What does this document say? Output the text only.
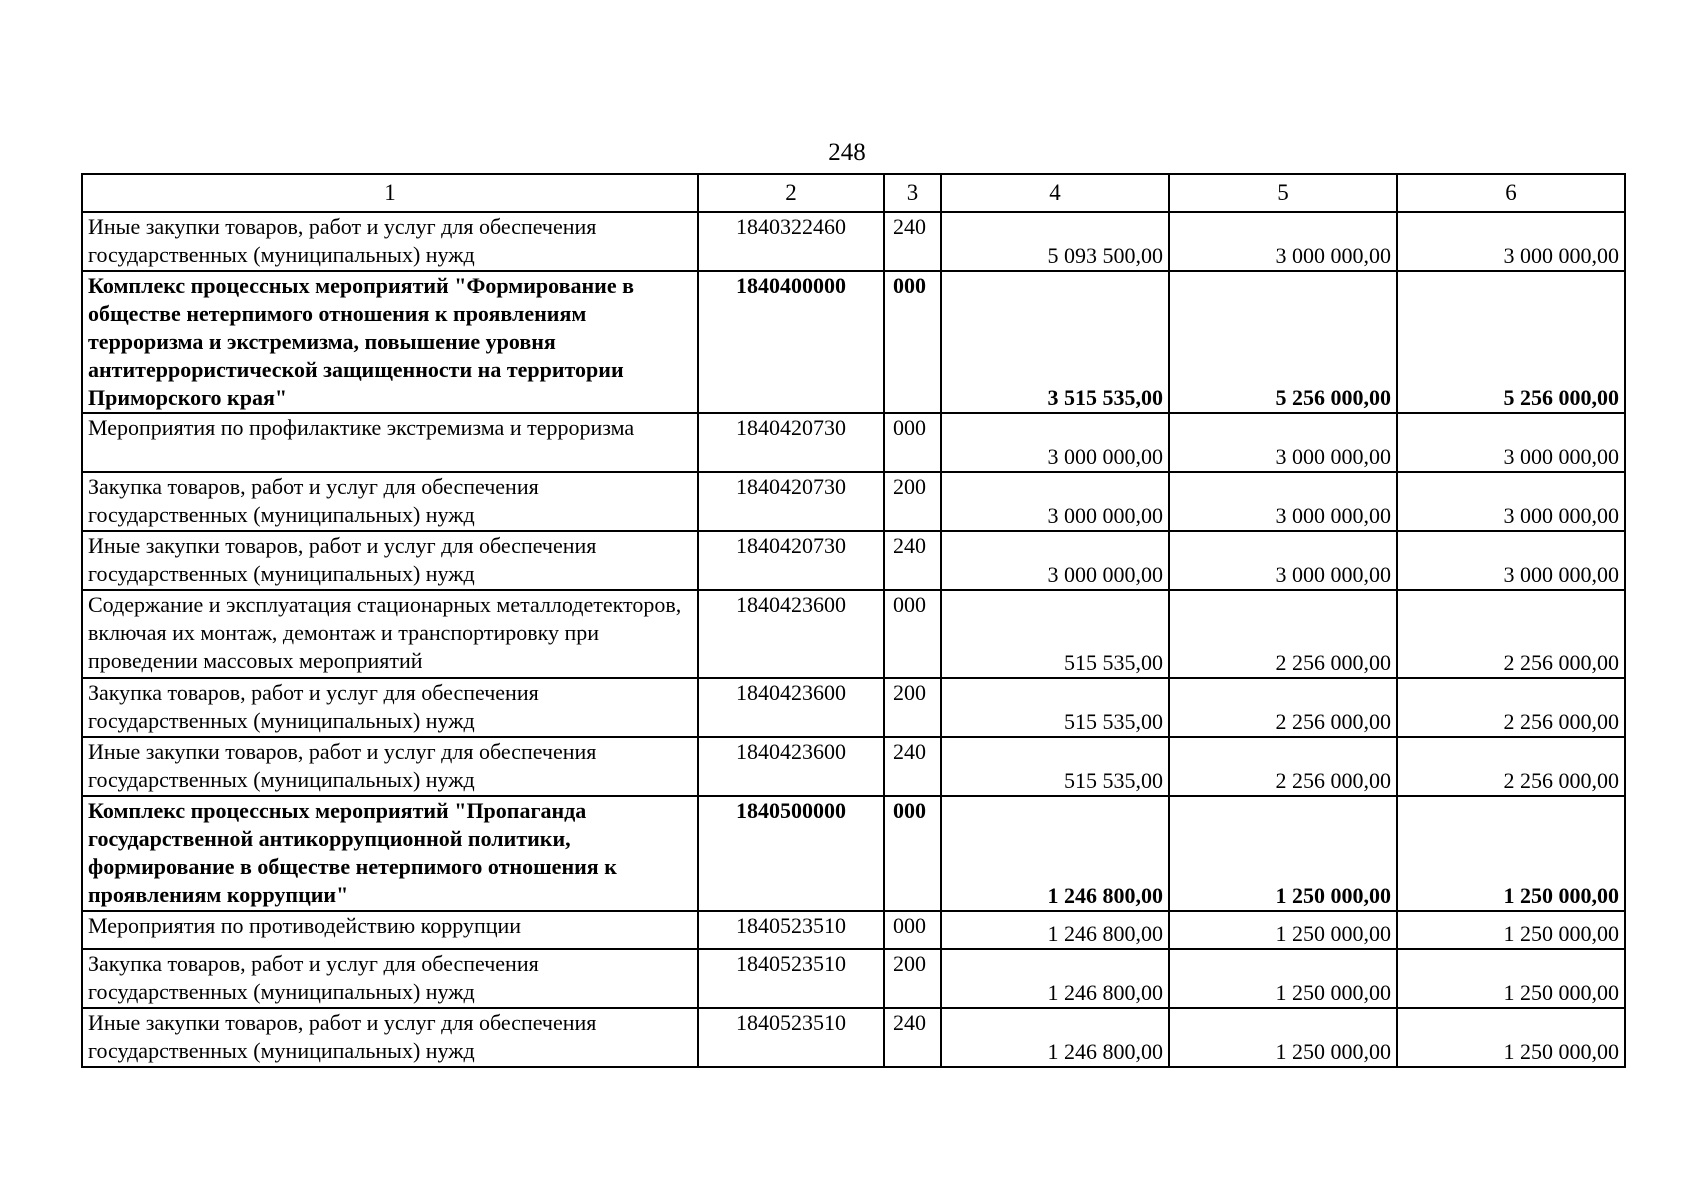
248
1	2	3	4	5	6
Иные закупки товаров, работ и услуг для обеспечения государственных (муниципальных) нужд	1840322460	240	5 093 500,00	3 000 000,00	3 000 000,00
Комплекс процессных мероприятий "Формирование в обществе нетерпимого отношения к проявлениям терроризма и экстремизма, повышение уровня антитеррористической защищенности на территории Приморского края"	1840400000	000	3 515 535,00	5 256 000,00	5 256 000,00
Мероприятия по профилактике экстремизма и терроризма	1840420730	000	3 000 000,00	3 000 000,00	3 000 000,00
Закупка товаров, работ и услуг для обеспечения государственных (муниципальных) нужд	1840420730	200	3 000 000,00	3 000 000,00	3 000 000,00
Иные закупки товаров, работ и услуг для обеспечения государственных (муниципальных) нужд	1840420730	240	3 000 000,00	3 000 000,00	3 000 000,00
Содержание и эксплуатация стационарных металлодетекторов, включая их монтаж, демонтаж и транспортировку при проведении массовых мероприятий	1840423600	000	515 535,00	2 256 000,00	2 256 000,00
Закупка товаров, работ и услуг для обеспечения государственных (муниципальных) нужд	1840423600	200	515 535,00	2 256 000,00	2 256 000,00
Иные закупки товаров, работ и услуг для обеспечения государственных (муниципальных) нужд	1840423600	240	515 535,00	2 256 000,00	2 256 000,00
Комплекс процессных мероприятий "Пропаганда государственной антикоррупционной политики, формирование в обществе нетерпимого отношения к проявлениям коррупции"	1840500000	000	1 246 800,00	1 250 000,00	1 250 000,00
Мероприятия по противодействию коррупции	1840523510	000	1 246 800,00	1 250 000,00	1 250 000,00
Закупка товаров, работ и услуг для обеспечения государственных (муниципальных) нужд	1840523510	200	1 246 800,00	1 250 000,00	1 250 000,00
Иные закупки товаров, работ и услуг для обеспечения государственных (муниципальных) нужд	1840523510	240	1 246 800,00	1 250 000,00	1 250 000,00
